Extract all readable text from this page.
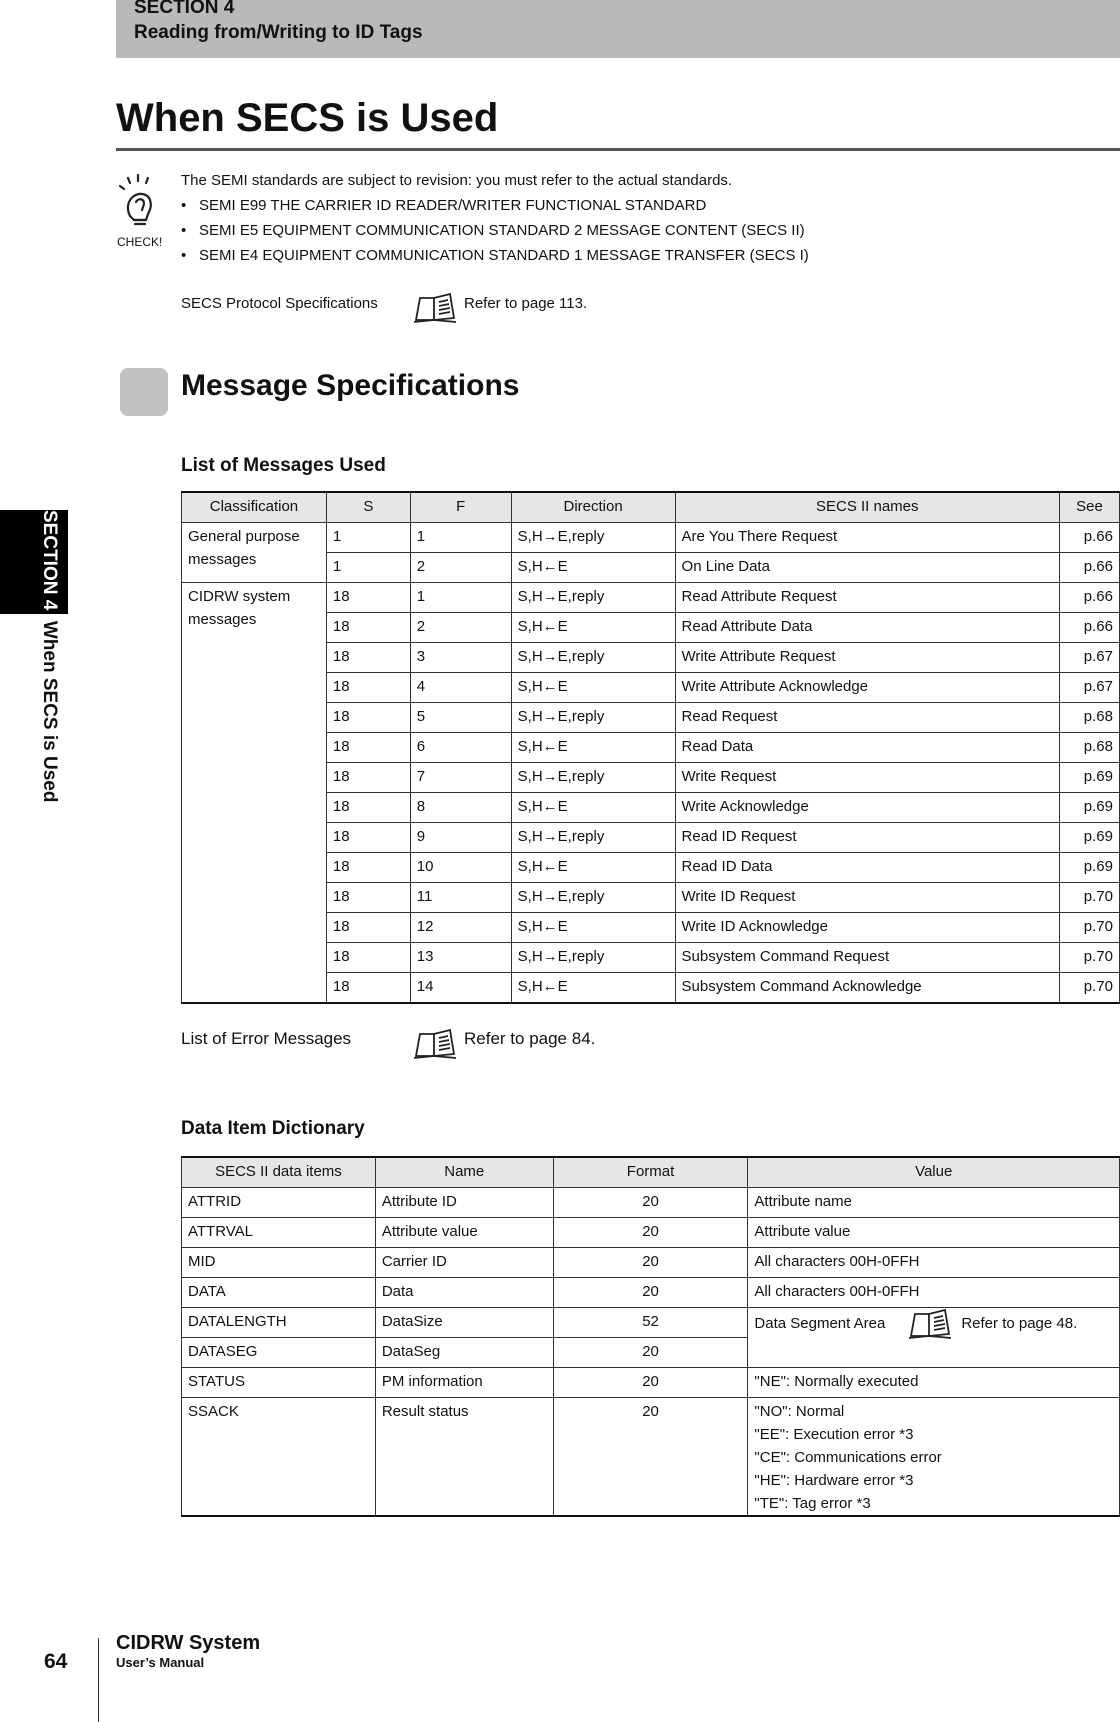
SECTION 4
Reading from/Writing to ID Tags
SECTION 4  When SECS is Used
When SECS is Used
CHECK!
The SEMI standards are subject to revision: you must refer to the actual standards.
• SEMI E99 THE CARRIER ID READER/WRITER FUNCTIONAL STANDARD
• SEMI E5 EQUIPMENT COMMUNICATION STANDARD 2 MESSAGE CONTENT (SECS II)
• SEMI E4 EQUIPMENT COMMUNICATION STANDARD 1 MESSAGE TRANSFER (SECS I)
SECS Protocol Specifications	Refer to page 113.
Message Specifications
List of Messages Used
Classification	S	F	Direction	SECS II names	See
General purpose messages	1	1	S,H→E,reply	Are You There Request	p.66
	1	2	S,H←E	On Line Data	p.66
CIDRW system messages	18	1	S,H→E,reply	Read Attribute Request	p.66
	18	2	S,H←E	Read Attribute Data	p.66
	18	3	S,H→E,reply	Write Attribute Request	p.67
	18	4	S,H←E	Write Attribute Acknowledge	p.67
	18	5	S,H→E,reply	Read Request	p.68
	18	6	S,H←E	Read Data	p.68
	18	7	S,H→E,reply	Write Request	p.69
	18	8	S,H←E	Write Acknowledge	p.69
	18	9	S,H→E,reply	Read ID Request	p.69
	18	10	S,H←E	Read ID Data	p.69
	18	11	S,H→E,reply	Write ID Request	p.70
	18	12	S,H←E	Write ID Acknowledge	p.70
	18	13	S,H→E,reply	Subsystem Command Request	p.70
	18	14	S,H←E	Subsystem Command Acknowledge	p.70
List of Error Messages	Refer to page 84.
Data Item Dictionary
SECS II data items	Name	Format	Value
ATTRID	Attribute ID	20	Attribute name

ATTRVAL	Attribute value	20	Attribute value

MID	Carrier ID	20	All characters 00H-0FFH

DATA	Data	20	All characters 00H-0FFH

DATALENGTH	DataSize	52	Data Segment Area Refer to page 48.
DATASEG	DataSeg	20	
STATUS	PM information	20	"NE": Normally executed

SSACK	Result status	20	"NO": Normal
"EE": Execution error *3
"CE": Communications error
"HE": Hardware error *3
"TE": Tag error *3
64
CIDRW System
User’s Manual
